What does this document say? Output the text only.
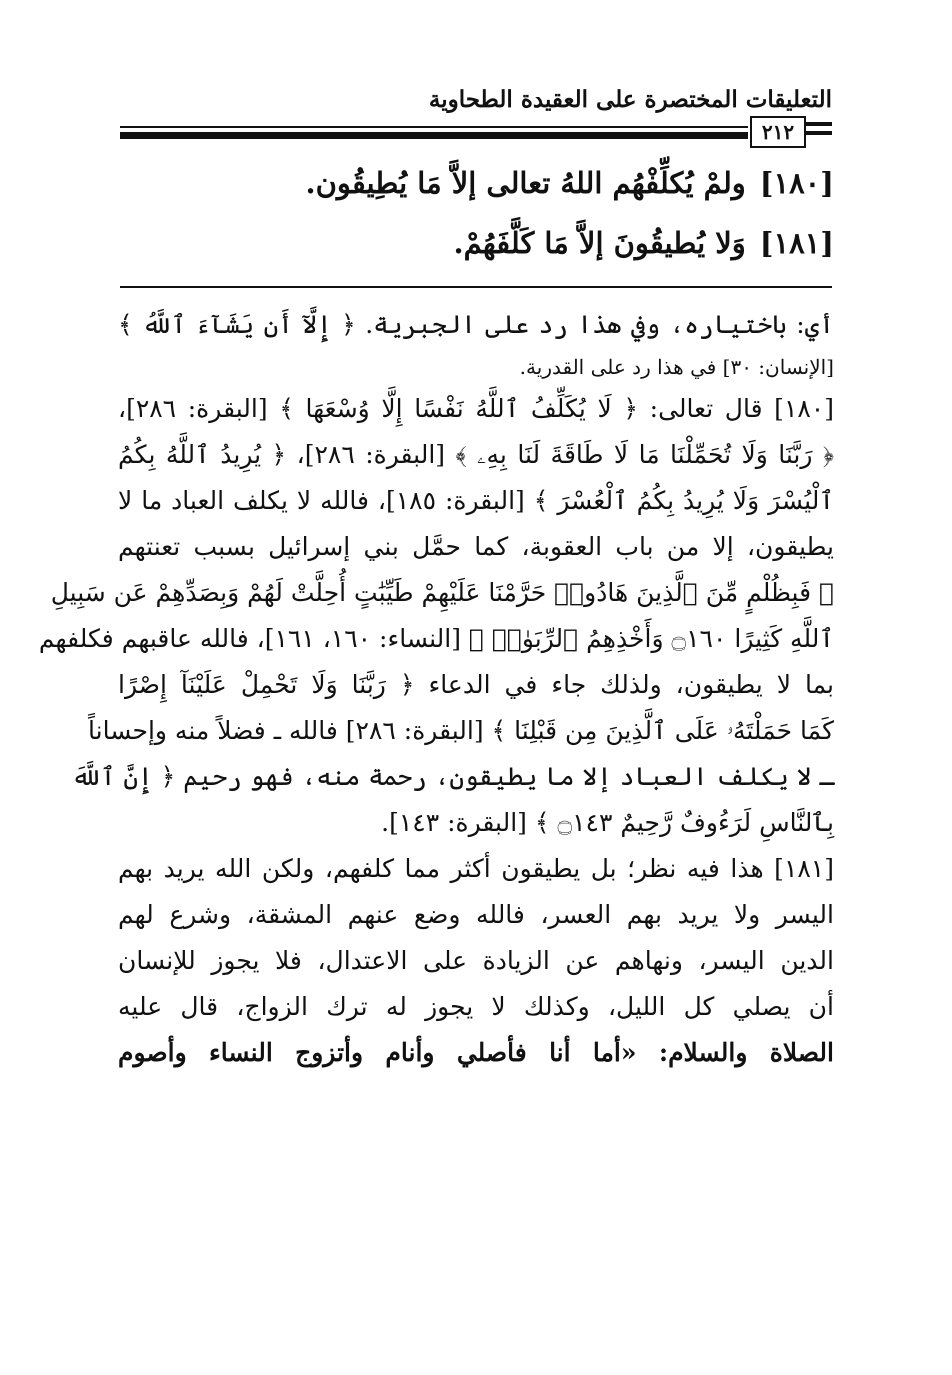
التعليقات المختصرة على العقيدة الطحاوية
٢١٢
[١٨٠]ولمْ يُكلِّفْهُم اللهُ تعالى إلاَّ مَا يُطِيقُون.
[١٨١]وَلا يُطيقُونَ إلاَّ مَا كَلَّفَهُمْ.
أي: باختياره، وفي هذا رد على الجبرية. ﴿ إِلَّآ أَن يَشَآءَ ٱللَّهُ ﴾
[الإنسان: ٣٠] في هذا رد على القدرية.
[١٨٠] قال تعالى: ﴿ لَا يُكَلِّفُ ٱللَّهُ نَفْسًا إِلَّا وُسْعَهَا ﴾ [البقرة: ٢٨٦]،
﴿ رَبَّنَا وَلَا تُحَمِّلْنَا مَا لَا طَاقَةَ لَنَا بِهِۦ ﴾ [البقرة: ٢٨٦]، ﴿ يُرِيدُ ٱللَّهُ بِكُمُ
ٱلْيُسْرَ وَلَا يُرِيدُ بِكُمُ ٱلْعُسْرَ ﴾ [البقرة: ١٨٥]، فالله لا يكلف العباد ما لا
يطيقون، إلا من باب العقوبة، كما حمَّل بني إسرائيل بسبب تعنتهم
﴿ فَبِظُلْمٍ مِّنَ ٱلَّذِينَ هَادُوا۟ حَرَّمْنَا عَلَيْهِمْ طَيِّبَٰتٍ أُحِلَّتْ لَهُمْ وَبِصَدِّهِمْ عَن سَبِيلِ
ٱللَّهِ كَثِيرًا ۝١٦٠ وَأَخْذِهِمُ ٱلرِّبَوٰا۟ ﴾ [النساء: ١٦٠، ١٦١]، فالله عاقبهم فكلفهم
بما لا يطيقون، ولذلك جاء في الدعاء ﴿ رَبَّنَا وَلَا تَحْمِلْ عَلَيْنَآ إِصْرًا
كَمَا حَمَلْتَهُۥ عَلَى ٱلَّذِينَ مِن قَبْلِنَا ﴾ [البقرة: ٢٨٦] فالله ـ فضلاً منه وإحساناً
ـ لا يكلف العباد إلا ما يطيقون، رحمة منه، فهو رحيم ﴿ إِنَّ ٱللَّهَ
بِٱلنَّاسِ لَرَءُوفٌ رَّحِيمٌ ۝١٤٣ ﴾ [البقرة: ١٤٣].
[١٨١] هذا فيه نظر؛ بل يطيقون أكثر مما كلفهم، ولكن الله يريد بهم
اليسر ولا يريد بهم العسر، فالله وضع عنهم المشقة، وشرع لهم
الدين اليسر، ونهاهم عن الزيادة على الاعتدال، فلا يجوز للإنسان
أن يصلي كل الليل، وكذلك لا يجوز له ترك الزواج، قال عليه
الصلاة والسلام: «أما أنا فأصلي وأنام وأتزوج النساء وأصوم
